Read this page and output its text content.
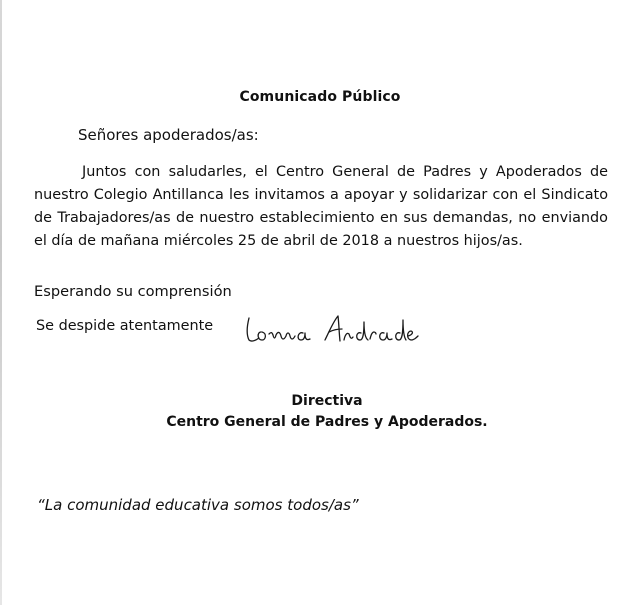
Comunicado Público
Señores apoderados/as:

Juntos con saludarles, el Centro General de Padres y Apoderados de nuestro Colegio Antillanca les invitamos a apoyar y solidarizar con el Sindicato de Trabajadores/as de nuestro establecimiento en sus demandas, no enviando el día de mañana miércoles 25 de abril de 2018 a nuestros hijos/as.

Esperando su comprensión
Se despide atentamente
Directiva
Centro General de Padres y Apoderados.
“La comunidad educativa somos todos/as”
